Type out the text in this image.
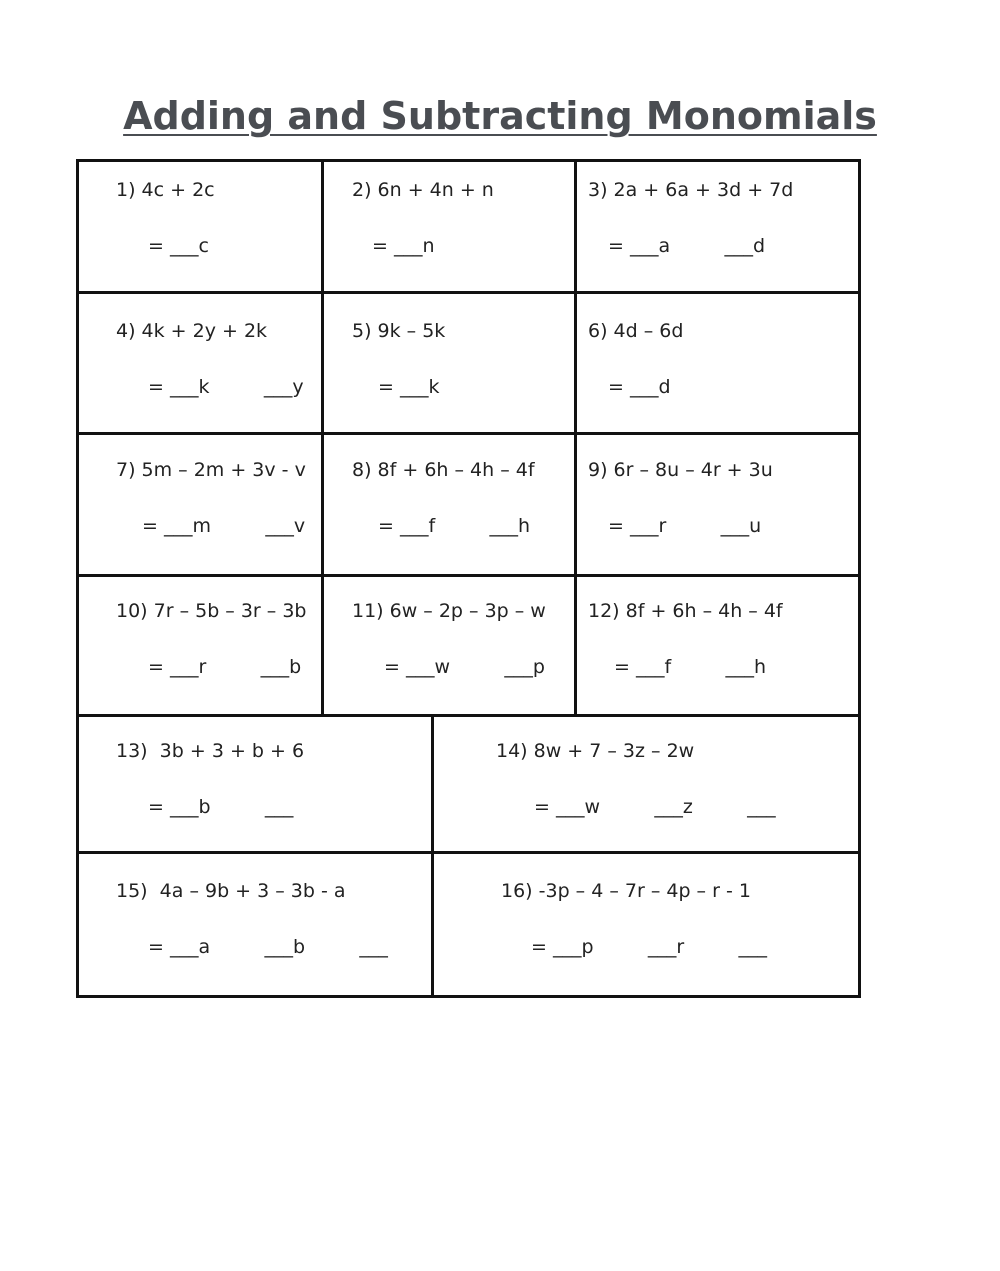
Adding and Subtracting Monomials

1) 4c + 2c

= ___c

2) 6n + 4n + n

= ___n

3) 2a + 6a + 3d + 7d

= ___a         ___d

4) 4k + 2y + 2k

= ___k         ___y

5) 9k – 5k

= ___k

6) 4d – 6d

= ___d

7) 5m – 2m + 3v - v

= ___m         ___v

8) 8f + 6h – 4h – 4f

= ___f         ___h

9) 6r – 8u – 4r + 3u

= ___r         ___u

10) 7r – 5b – 3r – 3b

= ___r         ___b

11) 6w – 2p – 3p – w

= ___w         ___p

12) 8f + 6h – 4h – 4f

= ___f         ___h

13)  3b + 3 + b + 6

= ___b         ___

14) 8w + 7 – 3z – 2w

= ___w         ___z         ___

15)  4a – 9b + 3 – 3b - a

= ___a         ___b         ___

16) -3p – 4 – 7r – 4p – r - 1

= ___p         ___r         ___
